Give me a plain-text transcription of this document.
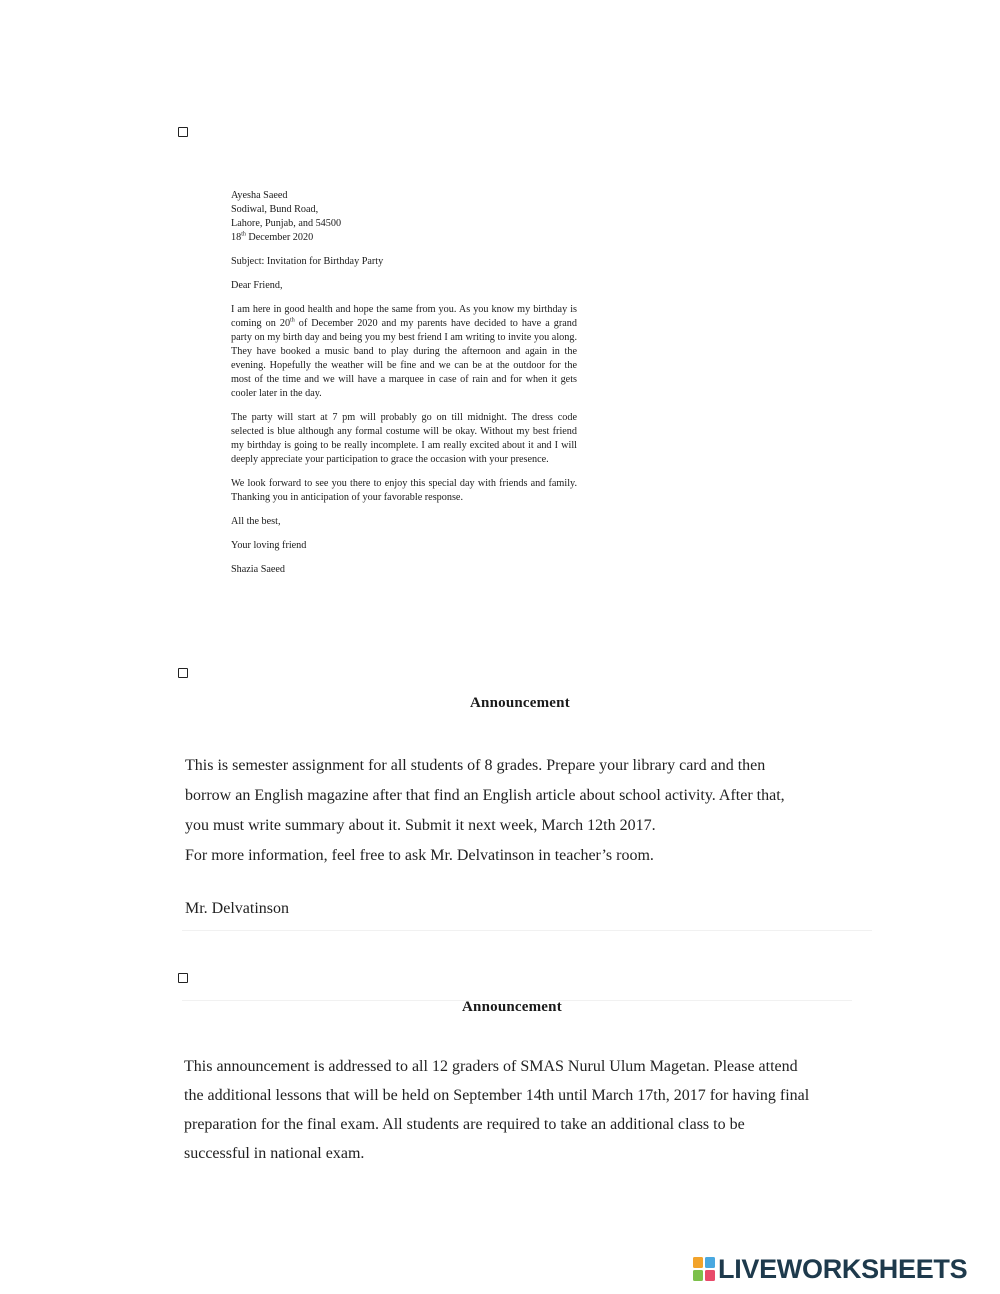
Ayesha Saeed
Sodiwal, Bund Road,
Lahore, Punjab, and 54500
18th December 2020

Subject: Invitation for Birthday Party

Dear Friend,

I am here in good health and hope the same from you. As you know my birthday is coming on 20th of December 2020 and my parents have decided to have a grand party on my birth day and being you my best friend I am writing to invite you along. They have booked a music band to play during the afternoon and again in the evening. Hopefully the weather will be fine and we can be at the outdoor for the most of the time and we will have a marquee in case of rain and for when it gets cooler later in the day.

The party will start at 7 pm will probably go on till midnight. The dress code selected is blue although any formal costume will be okay. Without my best friend my birthday is going to be really incomplete. I am really excited about it and I will deeply appreciate your participation to grace the occasion with your presence.

We look forward to see you there to enjoy this special day with friends and family. Thanking you in anticipation of your favorable response.

All the best,

Your loving friend

Shazia Saeed

Announcement

This is semester assignment for all students of 8 grades. Prepare your library card and then

borrow an English magazine after that find an English article about school activity. After that,

you must write summary about it. Submit it next week, March 12th 2017.

For more information, feel free to ask Mr. Delvatinson in teacher’s room.

Mr. Delvatinson
Announcement

This announcement is addressed to all 12 graders of SMAS Nurul Ulum Magetan. Please attend

the additional lessons that will be held on September 14th until March 17th, 2017 for having final

preparation for the final exam. All students are required to take an additional class to be

successful in national exam.

LIVEWORKSHEETS
